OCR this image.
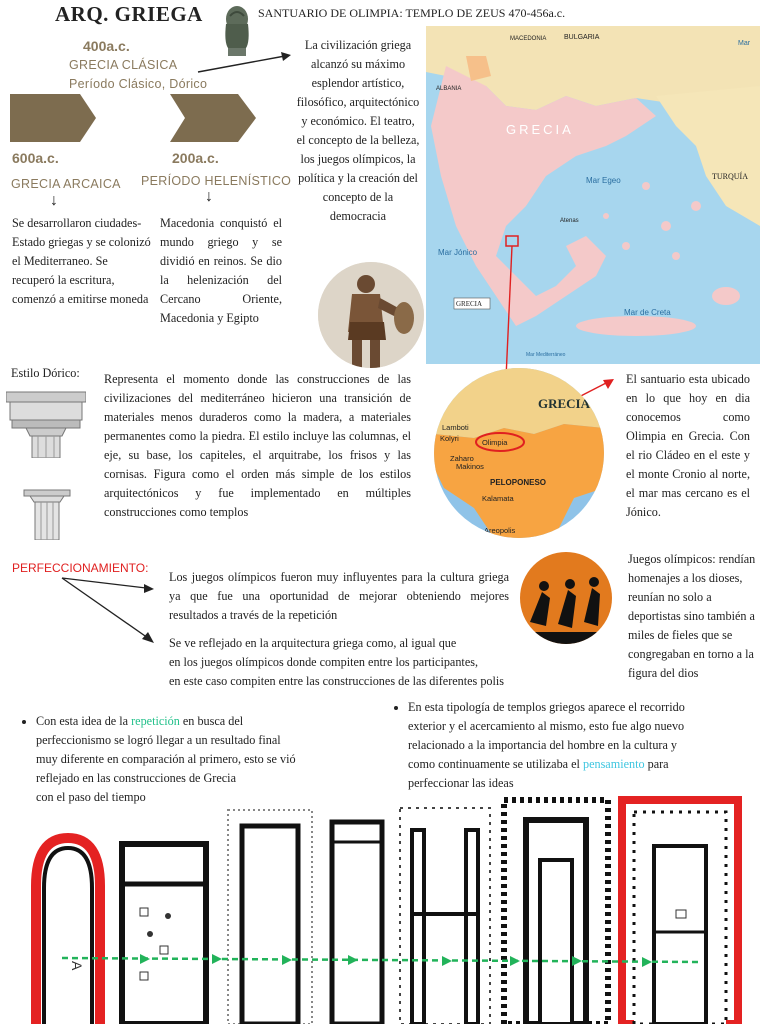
ARQ. GRIEGA	SANTUARIO DE OLIMPIA: TEMPLO DE ZEUS 470-456a.c.
400a.c.
GRECIA CLÁSICA
Período Clásico, Dórico
600a.c.
GRECIA ARCAICA
200a.c.
PERÍODO HELENÍSTICO
↓	↓
Se desarrollaron ciudades-Estado griegas y se colonizó el Mediterraneo. Se recuperó la escritura, comenzó a emitirse moneda
Macedonia conquistó el mundo griego y se dividió en reinos. Se dio la helenización del Cercano Oriente, Macedonia y Egipto
La civilización griega alcanzó su máximo esplendor artístico, filosófico, arquitectónico y económico. El teatro, el concepto de la belleza, los juegos olímpicos, la política y la creación del concepto de la democracia
BULGARIA
MACEDONIA
ALBANIA
GRECIA
Mar Egeo	TURQUÍA
Mar Jónico
Mar de Creta
Mar
Atenas
GRECIA
Mar Mediterráneo
GRECIA
Lamboti
Kolyri	Olimpia
Zaharo
Makinos
PELOPONESO
Kalamata
Areopolis
El santuario esta ubicado en lo que hoy en dia conocemos como Olimpia en Grecia. Con el rio Cládeo en el este y el monte Cronio al norte, el mar mas cercano es el Jónico.
Estilo Dórico: Representa el momento donde las construcciones de las civilizaciones del mediterráneo hicieron una transición de materiales menos duraderos como la madera, a materiales permanentes como la piedra. El estilo incluye las columnas, el eje, su base, los capiteles, el arquitrabe, los frisos y las cornisas. Figura como el orden más simple de los estilos arquitectónicos y fue implementado en múltiples construcciones como templos
PERFECCIONAMIENTO:
Los juegos olímpicos fueron muy influyentes para la cultura griega ya que fue una oportunidad de mejorar obteniendo mejores resultados a través de la repetición
Se ve reflejado en la arquitectura griega como, al igual que
en los juegos olímpicos donde compiten entre los participantes,
en este caso compiten entre las construcciones de las diferentes polis
Juegos olímpicos: rendían homenajes a los dioses, reunían no solo a deportistas sino también a miles de fieles que se congregaban en torno a la figura del dios
• Con esta idea de la repetición en busca del
perfeccionismo se logró llegar a un resultado final
muy diferente en comparación al primero, esto se vió
reflejado en las construcciones de Grecia
con el paso del tiempo
• En esta tipología de templos griegos aparece el recorrido
exterior y el acercamiento al mismo, esto fue algo nuevo
relacionado a la importancia del hombre en la cultura y
como continuamente se utilizaba el pensamiento para
perfeccionar las ideas
A
